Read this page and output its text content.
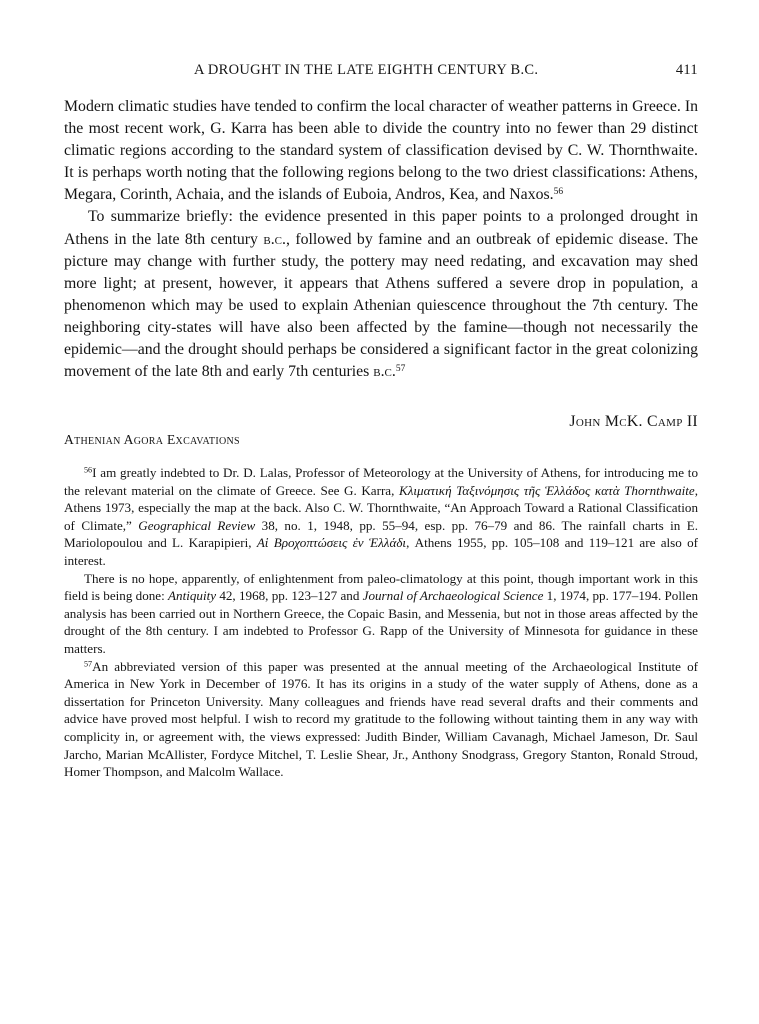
A DROUGHT IN THE LATE EIGHTH CENTURY B.C.	411

Modern climatic studies have tended to confirm the local character of weather patterns in Greece. In the most recent work, G. Karra has been able to divide the country into no fewer than 29 distinct climatic regions according to the standard system of classification devised by C. W. Thornthwaite. It is perhaps worth noting that the following regions belong to the two driest classifications: Athens, Megara, Corinth, Achaia, and the islands of Euboia, Andros, Kea, and Naxos.$^{56}$

To summarize briefly: the evidence presented in this paper points to a prolonged drought in Athens in the late 8th century b.c., followed by famine and an outbreak of epidemic disease. The picture may change with further study, the pottery may need redating, and excavation may shed more light; at present, however, it appears that Athens suffered a severe drop in population, a phenomenon which may be used to explain Athenian quiescence throughout the 7th century. The neighboring city-states will have also been affected by the famine—though not necessarily the epidemic—and the drought should perhaps be considered a significant factor in the great colonizing movement of the late 8th and early 7th centuries b.c.$^{57}$

John McK. Camp II
Athenian Agora Excavations

$^{56}$I am greatly indebted to Dr. D. Lalas, Professor of Meteorology at the University of Athens, for introducing me to the relevant material on the climate of Greece. See G. Karra, Κλιματική Ταξινόμησις τῆς Ἑλλάδος κατὰ Thornthwaite, Athens 1973, especially the map at the back. Also C. W. Thornthwaite, “An Approach Toward a Rational Classification of Climate,” Geographical Review 38, no. 1, 1948, pp. 55–94, esp. pp. 76–79 and 86. The rainfall charts in E. Mariolopoulou and L. Karapipieri, Αἱ Βροχοπτώσεις ἐν Ἑλλάδι, Athens 1955, pp. 105–108 and 119–121 are also of interest.

There is no hope, apparently, of enlightenment from paleo-climatology at this point, though important work in this field is being done: Antiquity 42, 1968, pp. 123–127 and Journal of Archaeological Science 1, 1974, pp. 177–194. Pollen analysis has been carried out in Northern Greece, the Copaic Basin, and Messenia, but not in those areas affected by the drought of the 8th century. I am indebted to Professor G. Rapp of the University of Minnesota for guidance in these matters.

$^{57}$An abbreviated version of this paper was presented at the annual meeting of the Archaeological Institute of America in New York in December of 1976. It has its origins in a study of the water supply of Athens, done as a dissertation for Princeton University. Many colleagues and friends have read several drafts and their comments and advice have proved most helpful. I wish to record my gratitude to the following without tainting them in any way with complicity in, or agreement with, the views expressed: Judith Binder, William Cavanagh, Michael Jameson, Dr. Saul Jarcho, Marian McAllister, Fordyce Mitchel, T. Leslie Shear, Jr., Anthony Snodgrass, Gregory Stanton, Ronald Stroud, Homer Thompson, and Malcolm Wallace.
